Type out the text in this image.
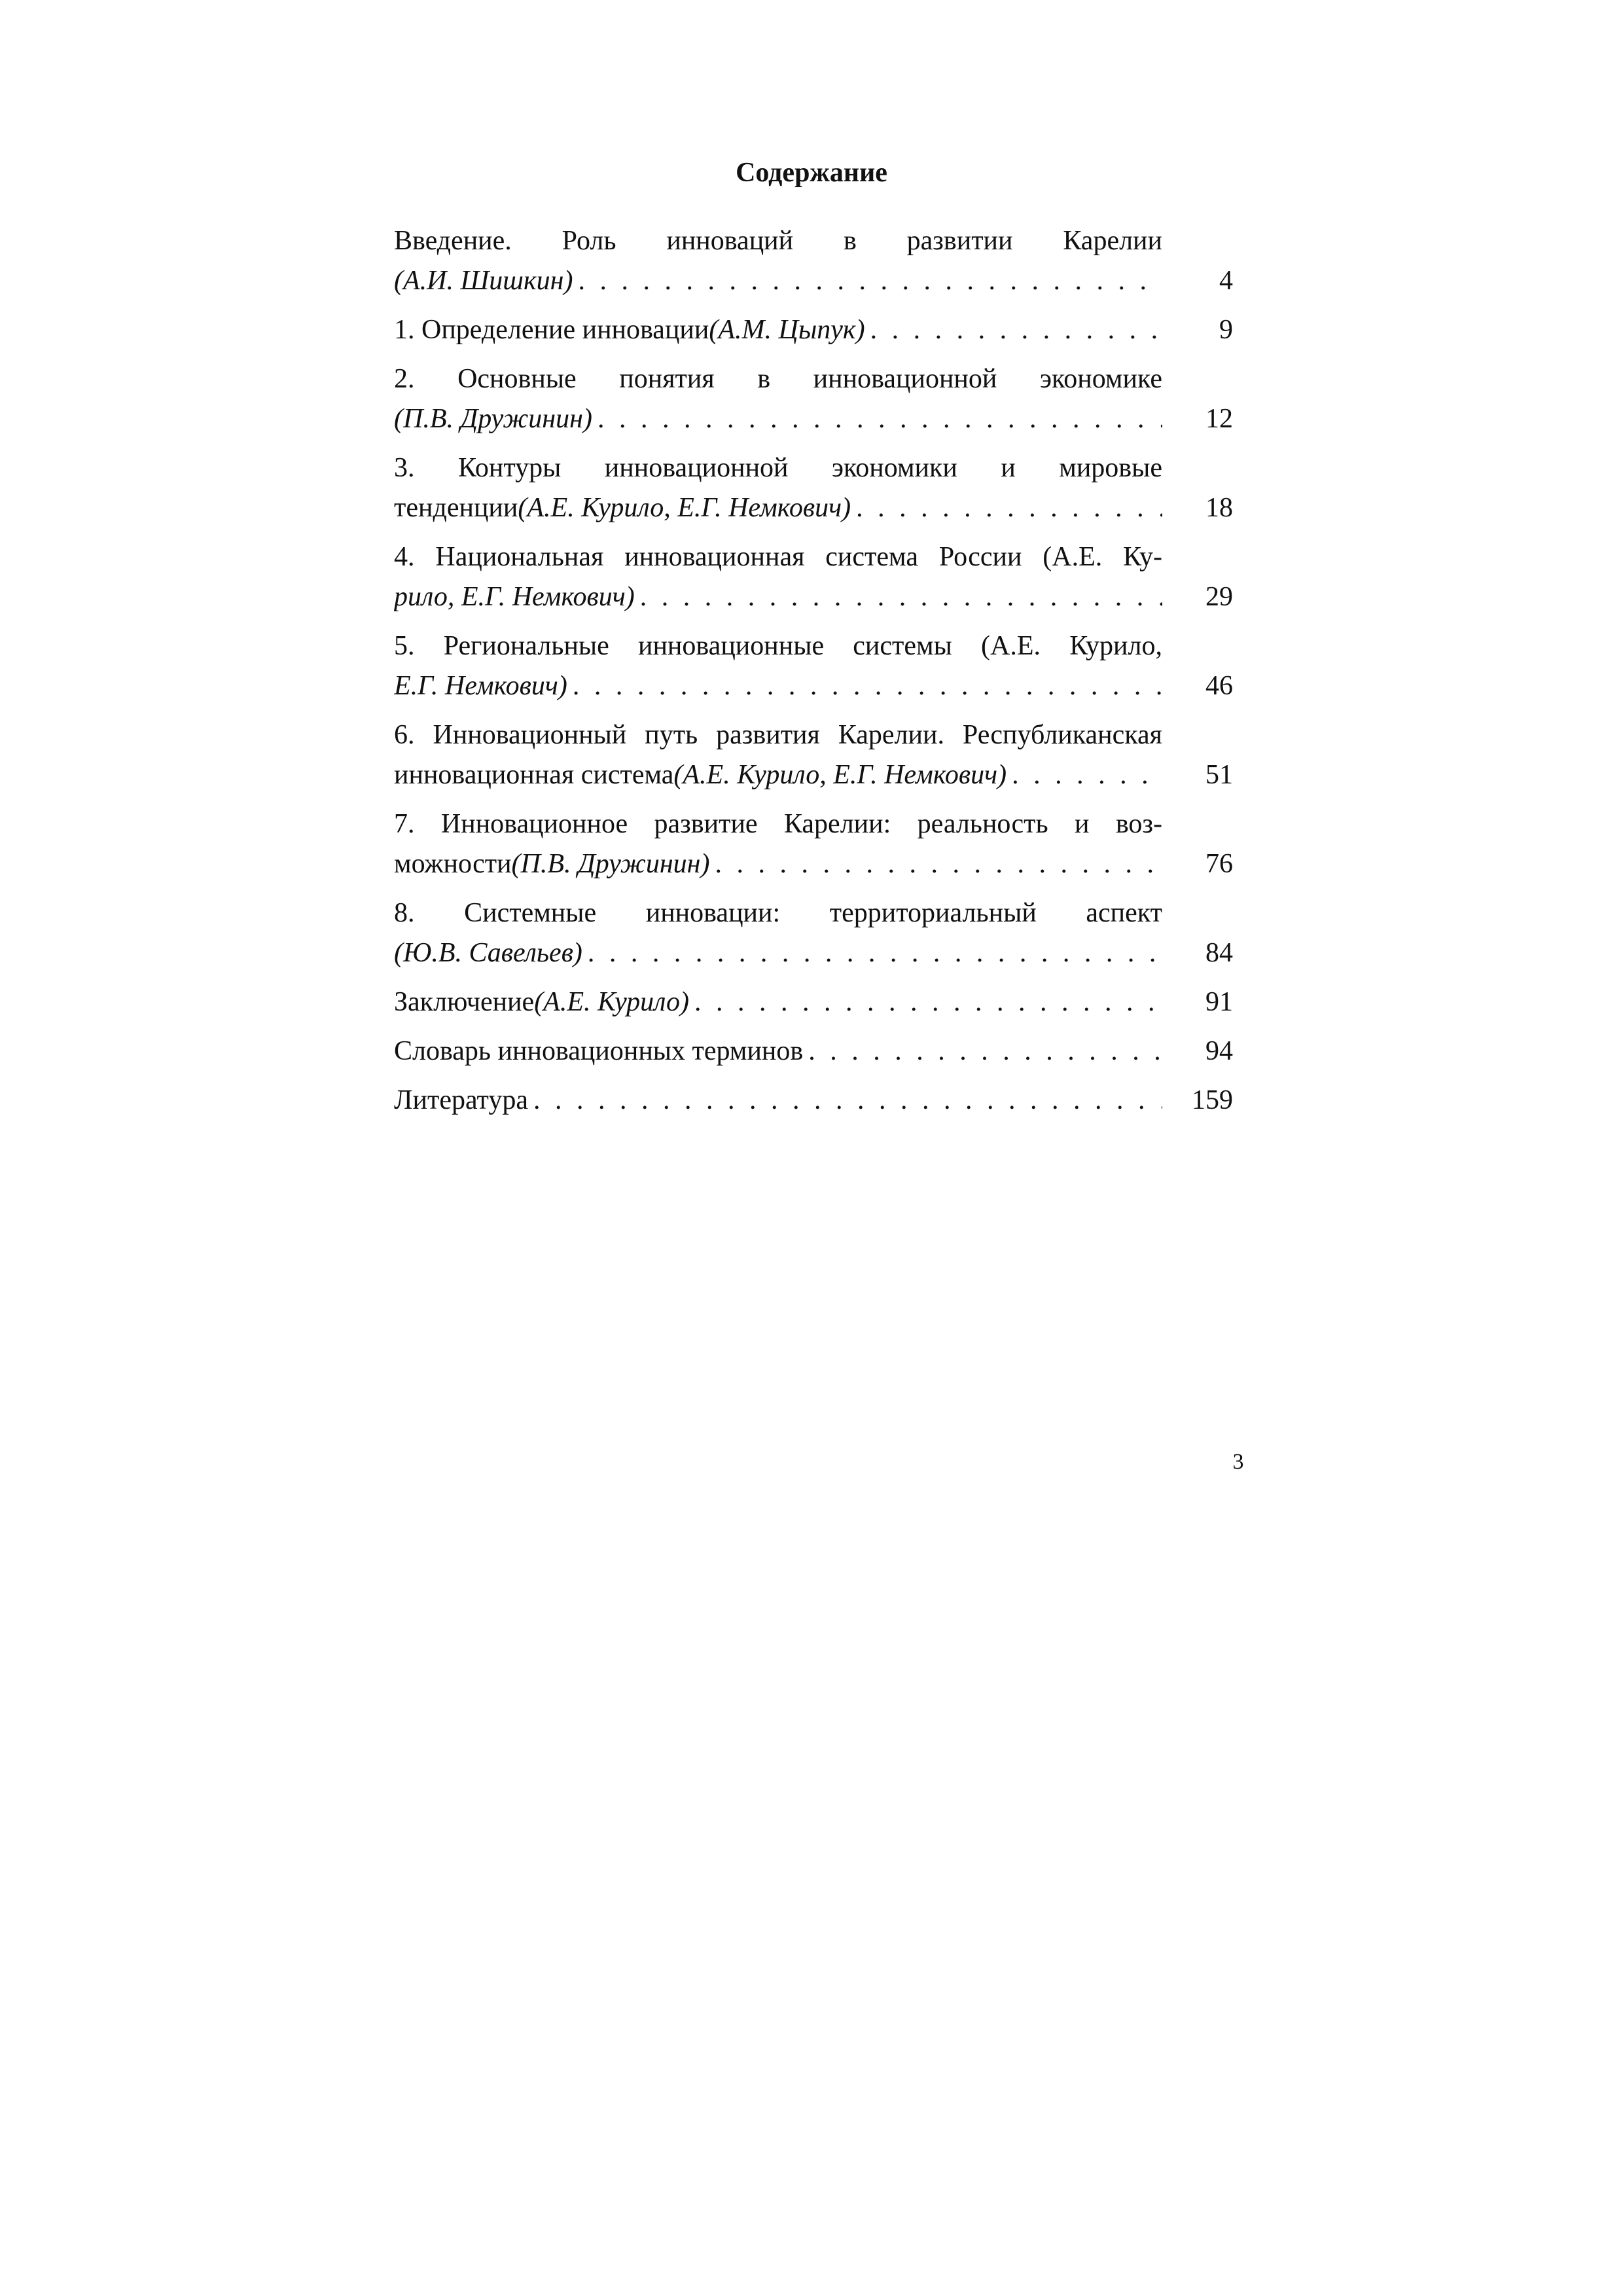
Содержание
Введение. Роль инноваций в развитии Карелии
(А.И. Шишкин) . . .	4
1. Определение инновации (А.М. Цыпук) . . .	9
2. Основные понятия в инновационной экономике
(П.В. Дружинин) . . .	12
3. Контуры инновационной экономики и мировые
тенденции (А.Е. Курило, Е.Г. Немкович) . . .	18
4. Национальная инновационная система России (А.Е. Ку-
рило, Е.Г. Немкович) . . .	29
5. Региональные инновационные системы (А.Е. Курило,
Е.Г. Немкович) . . .	46
6. Инновационный путь развития Карелии. Республиканская
инновационная система (А.Е. Курило, Е.Г. Немкович) . . .	51
7. Инновационное развитие Карелии: реальность и воз-
можности (П.В. Дружинин) . . .	76
8. Системные инновации: территориальный аспект
(Ю.В. Савельев) . . .	84
Заключение (А.Е. Курило) . . .	91
Словарь инновационных терминов . . .	94
Литература . . .	159
3
